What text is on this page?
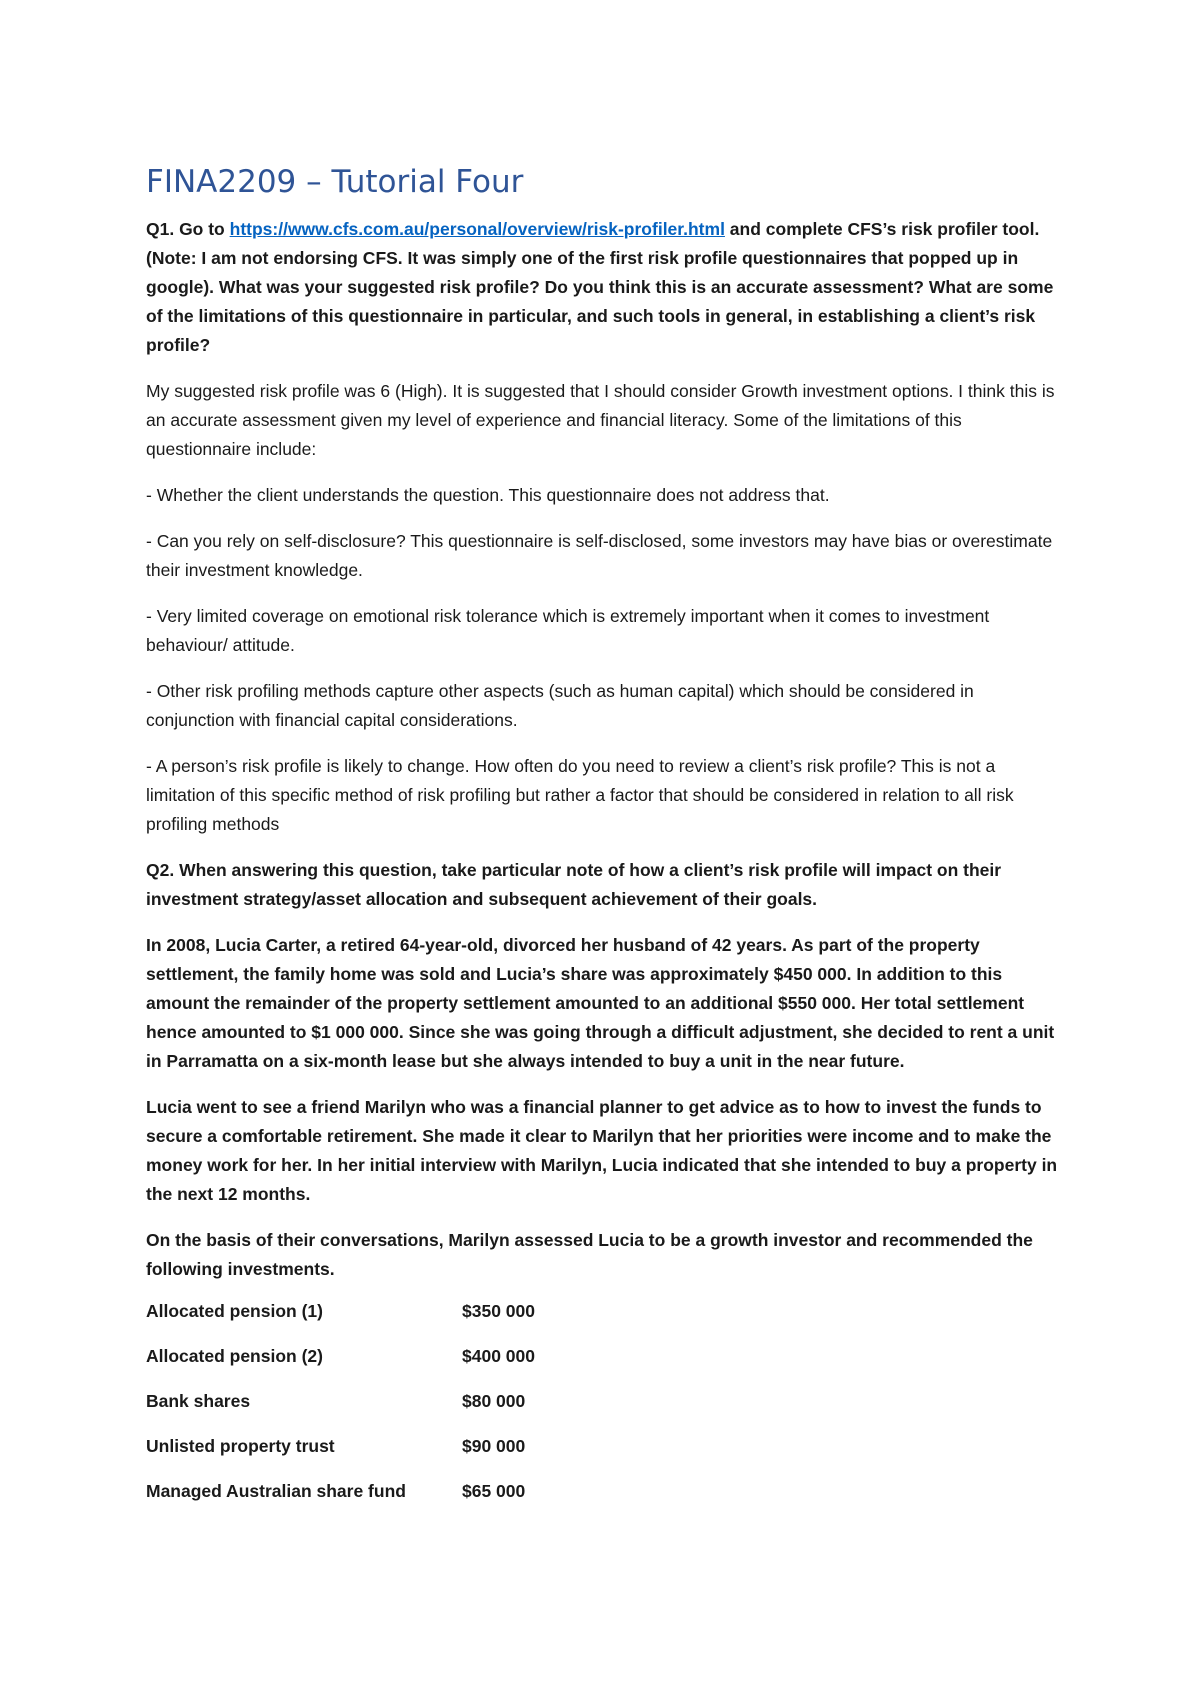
FINA2209 – Tutorial Four

Q1. Go to https://www.cfs.com.au/personal/overview/risk-profiler.html and complete CFS’s risk profiler tool. (Note: I am not endorsing CFS. It was simply one of the first risk profile questionnaires that popped up in google). What was your suggested risk profile? Do you think this is an accurate assessment? What are some of the limitations of this questionnaire in particular, and such tools in general, in establishing a client’s risk profile?

My suggested risk profile was 6 (High). It is suggested that I should consider Growth investment options. I think this is an accurate assessment given my level of experience and financial literacy. Some of the limitations of this questionnaire include:

- Whether the client understands the question. This questionnaire does not address that.

- Can you rely on self-disclosure? This questionnaire is self-disclosed, some investors may have bias or overestimate their investment knowledge.

- Very limited coverage on emotional risk tolerance which is extremely important when it comes to investment behaviour/ attitude.

- Other risk profiling methods capture other aspects (such as human capital) which should be considered in conjunction with financial capital considerations.

- A person’s risk profile is likely to change. How often do you need to review a client’s risk profile? This is not a limitation of this specific method of risk profiling but rather a factor that should be considered in relation to all risk profiling methods

Q2. When answering this question, take particular note of how a client’s risk profile will impact on their investment strategy/asset allocation and subsequent achievement of their goals.

In 2008, Lucia Carter, a retired 64-year-old, divorced her husband of 42 years. As part of the property settlement, the family home was sold and Lucia’s share was approximately $450 000. In addition to this amount the remainder of the property settlement amounted to an additional $550 000. Her total settlement hence amounted to $1 000 000. Since she was going through a difficult adjustment, she decided to rent a unit in Parramatta on a six-month lease but she always intended to buy a unit in the near future.

Lucia went to see a friend Marilyn who was a financial planner to get advice as to how to invest the funds to secure a comfortable retirement. She made it clear to Marilyn that her priorities were income and to make the money work for her. In her initial interview with Marilyn, Lucia indicated that she intended to buy a property in the next 12 months.

On the basis of their conversations, Marilyn assessed Lucia to be a growth investor and recommended the following investments.

Allocated pension (1)	$350 000
Allocated pension (2)	$400 000
Bank shares	$80 000
Unlisted property trust	$90 000
Managed Australian share fund	$65 000
